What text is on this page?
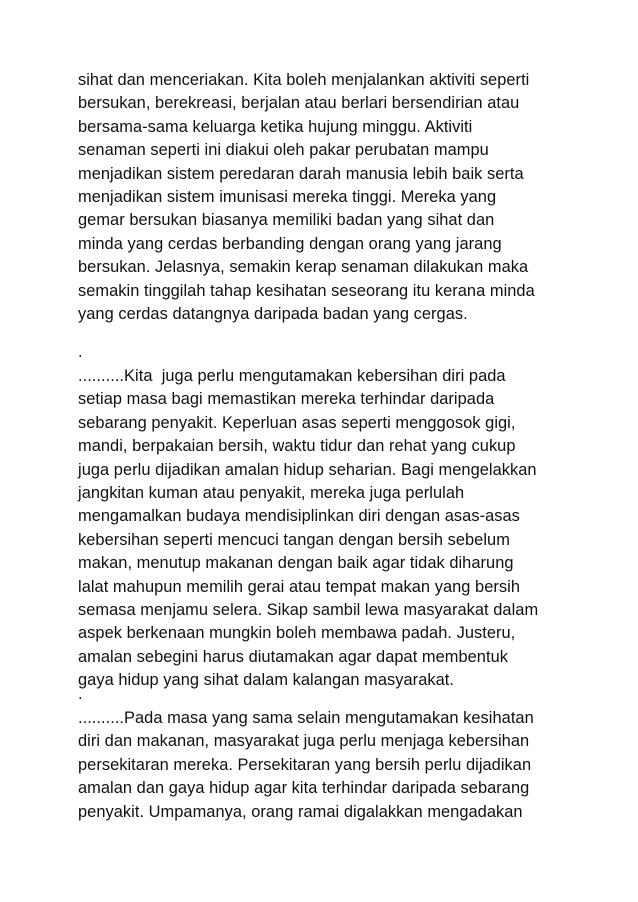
sihat dan menceriakan. Kita boleh menjalankan aktiviti seperti
bersukan, berekreasi, berjalan atau berlari bersendirian atau
bersama-sama keluarga ketika hujung minggu. Aktiviti
senaman seperti ini diakui oleh pakar perubatan mampu
menjadikan sistem peredaran darah manusia lebih baik serta
menjadikan sistem imunisasi mereka tinggi. Mereka yang
gemar bersukan biasanya memiliki badan yang sihat dan
minda yang cerdas berbanding dengan orang yang jarang
bersukan. Jelasnya, semakin kerap senaman dilakukan maka
semakin tinggilah tahap kesihatan seseorang itu kerana minda
yang cerdas datangnya daripada badan yang cergas.
.
..........Kita  juga perlu mengutamakan kebersihan diri pada
setiap masa bagi memastikan mereka terhindar daripada
sebarang penyakit. Keperluan asas seperti menggosok gigi,
mandi, berpakaian bersih, waktu tidur dan rehat yang cukup
juga perlu dijadikan amalan hidup seharian. Bagi mengelakkan
jangkitan kuman atau penyakit, mereka juga perlulah
mengamalkan budaya mendisiplinkan diri dengan asas-asas
kebersihan seperti mencuci tangan dengan bersih sebelum
makan, menutup makanan dengan baik agar tidak diharung
lalat mahupun memilih gerai atau tempat makan yang bersih
semasa menjamu selera. Sikap sambil lewa masyarakat dalam
aspek berkenaan mungkin boleh membawa padah. Justeru,
amalan sebegini harus diutamakan agar dapat membentuk
gaya hidup yang sihat dalam kalangan masyarakat.
.
..........Pada masa yang sama selain mengutamakan kesihatan
diri dan makanan, masyarakat juga perlu menjaga kebersihan
persekitaran mereka. Persekitaran yang bersih perlu dijadikan
amalan dan gaya hidup agar kita terhindar daripada sebarang
penyakit. Umpamanya, orang ramai digalakkan mengadakan
